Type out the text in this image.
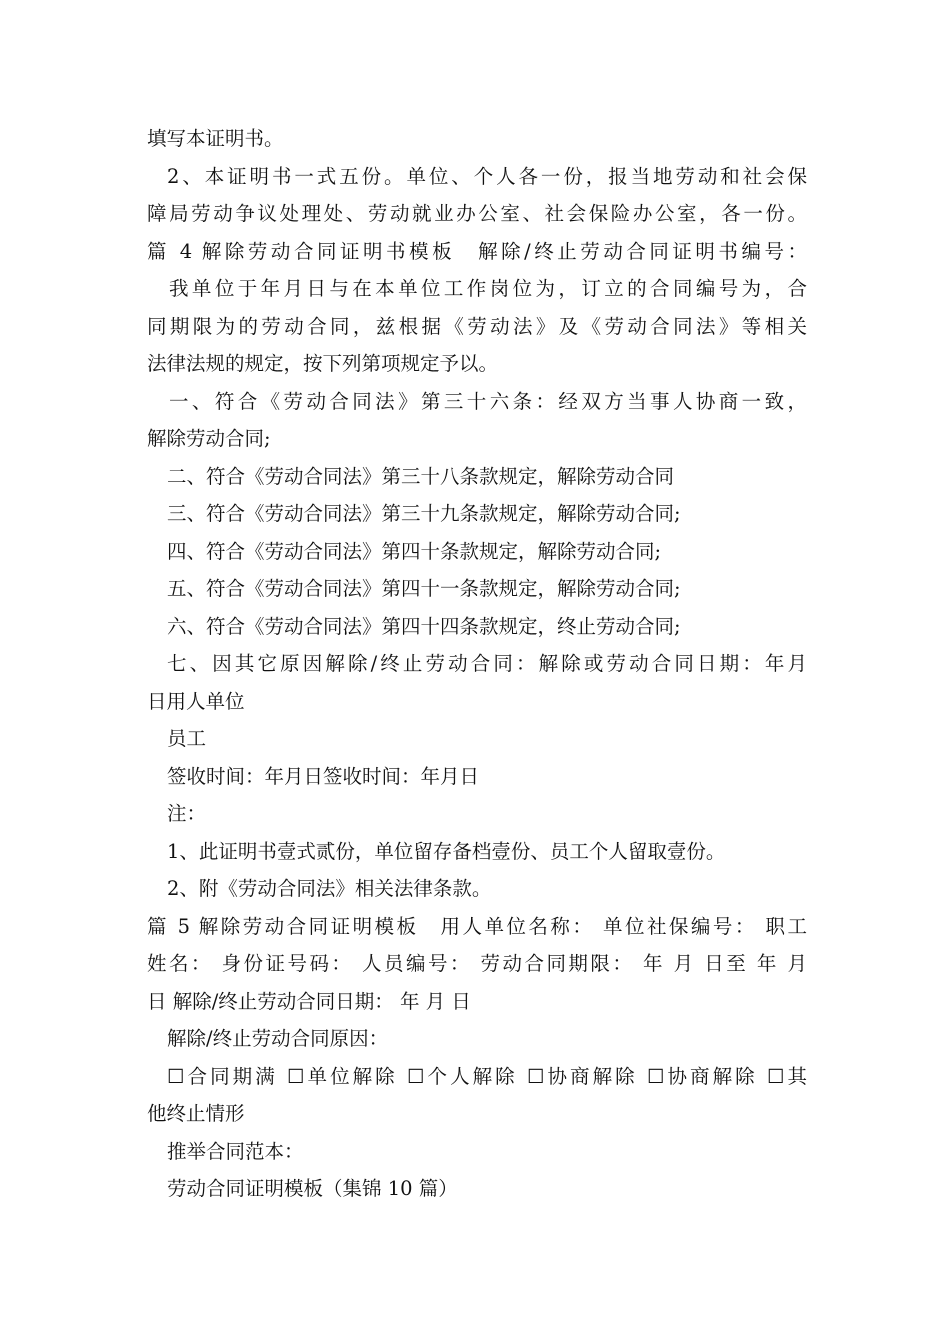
填写本证明书。
2、本证明书一式五份。单位、个人各一份，报当地劳动和社会保
障局劳动争议处理处、劳动就业办公室、社会保险办公室，各一份。
篇 4 解除劳动合同证明书模板　解除/终止劳动合同证明书编号：
我单位于年月日与在本单位工作岗位为，订立的合同编号为，合
同期限为的劳动合同，兹根据《劳动法》及《劳动合同法》等相关
法律法规的规定，按下列第项规定予以。
一、符合《劳动合同法》第三十六条：经双方当事人协商一致，
解除劳动合同;
二、符合《劳动合同法》第三十八条款规定，解除劳动合同
三、符合《劳动合同法》第三十九条款规定，解除劳动合同;
四、符合《劳动合同法》第四十条款规定，解除劳动合同;
五、符合《劳动合同法》第四十一条款规定，解除劳动合同;
六、符合《劳动合同法》第四十四条款规定，终止劳动合同;
七、因其它原因解除/终止劳动合同：解除或劳动合同日期：年月
日用人单位
员工
签收时间：年月日签收时间：年月日
注：
1、此证明书壹式贰份，单位留存备档壹份、员工个人留取壹份。
2、附《劳动合同法》相关法律条款。
篇 5 解除劳动合同证明模板　用人单位名称： 单位社保编号： 职工
姓名： 身份证号码： 人员编号： 劳动合同期限： 年 月 日至 年 月
日 解除/终止劳动合同日期： 年 月 日
解除/终止劳动合同原因：
☐合同期满 ☐单位解除 ☐个人解除 ☐协商解除 ☐协商解除 ☐其
他终止情形
推举合同范本：
劳动合同证明模板（集锦 10 篇）
